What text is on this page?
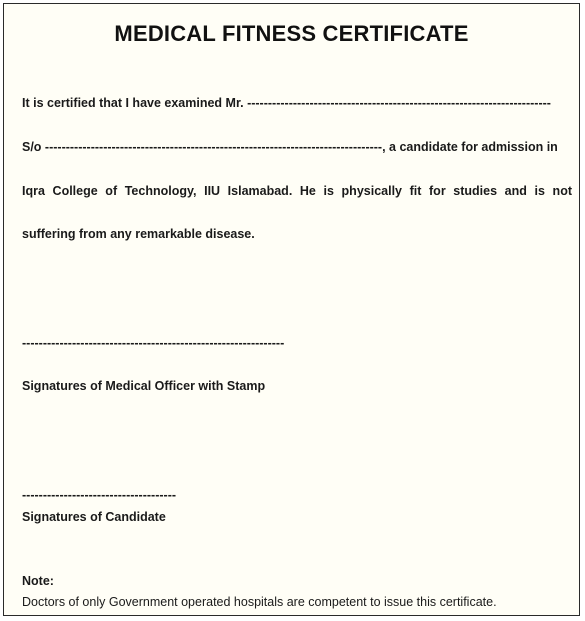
MEDICAL FITNESS CERTIFICATE
It is certified that I have examined Mr. -------------------------------------------------------------------------
S/o ---------------------------------------------------------------------------------, a candidate for admission in
Iqra College of Technology, IIU Islamabad. He is physically fit for studies and is not
suffering from any remarkable disease.
---------------------------------------------------------------
Signatures of Medical Officer with Stamp
-------------------------------------
Signatures of Candidate
Note:
Doctors of only Government operated hospitals are competent to issue this certificate.
